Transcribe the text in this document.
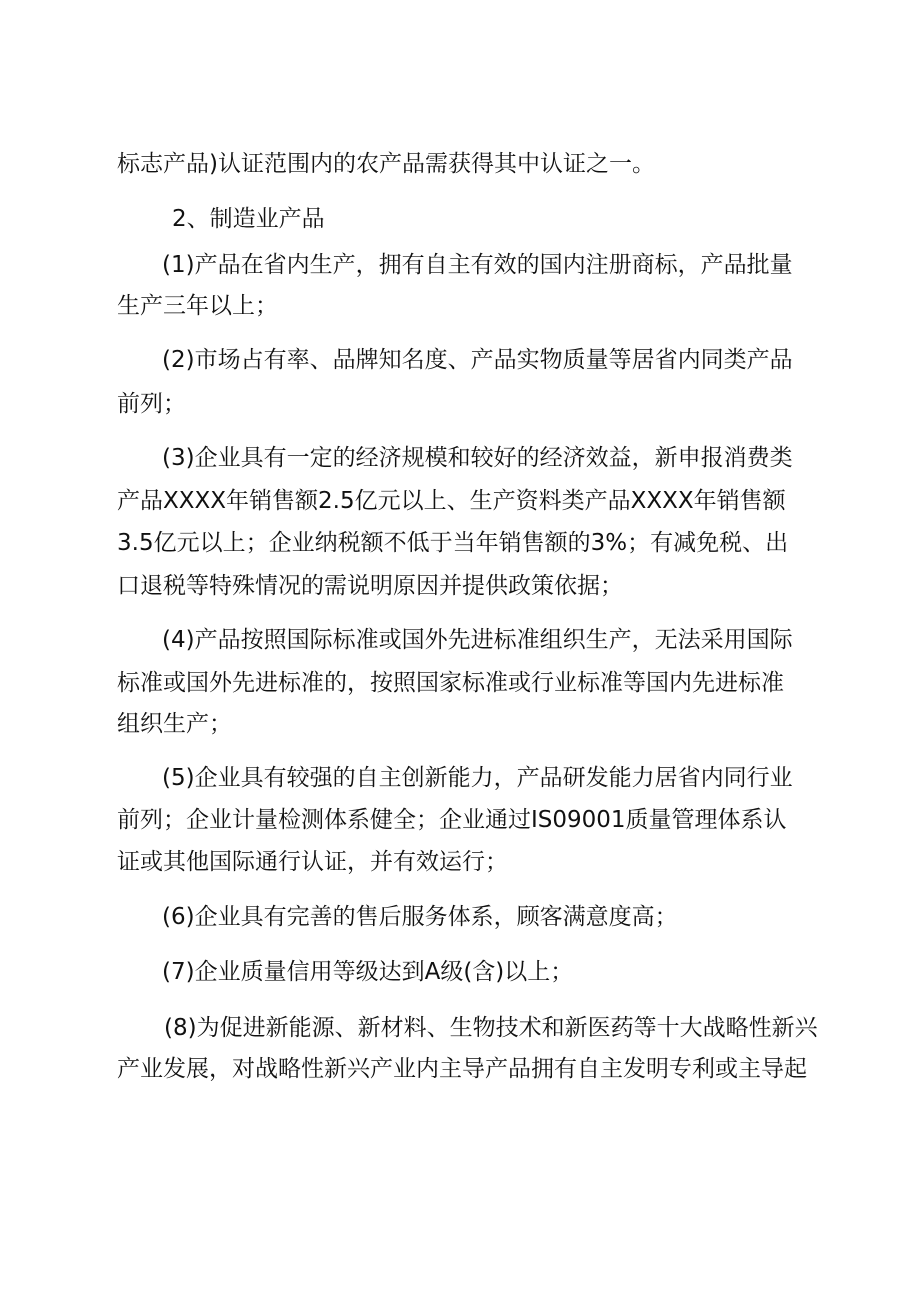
标志产品)认证范围内的农产品需获得其中认证之一。
2、制造业产品
(1)产品在省内生产，拥有自主有效的国内注册商标，产品批量
生产三年以上；
(2)市场占有率、品牌知名度、产品实物质量等居省内同类产品
前列；
(3)企业具有一定的经济规模和较好的经济效益，新申报消费类
产品XXXX年销售额2.5亿元以上、生产资料类产品XXXX年销售额
3.5亿元以上；企业纳税额不低于当年销售额的3%；有减免税、出
口退税等特殊情况的需说明原因并提供政策依据；
(4)产品按照国际标准或国外先进标准组织生产，无法采用国际
标准或国外先进标准的，按照国家标准或行业标准等国内先进标准
组织生产；
(5)企业具有较强的自主创新能力，产品研发能力居省内同行业
前列；企业计量检测体系健全；企业通过IS09001质量管理体系认
证或其他国际通行认证，并有效运行；
(6)企业具有完善的售后服务体系，顾客满意度高；
(7)企业质量信用等级达到A级(含)以上；
(8)为促进新能源、新材料、生物技术和新医药等十大战略性新兴
产业发展，对战略性新兴产业内主导产品拥有自主发明专利或主导起
